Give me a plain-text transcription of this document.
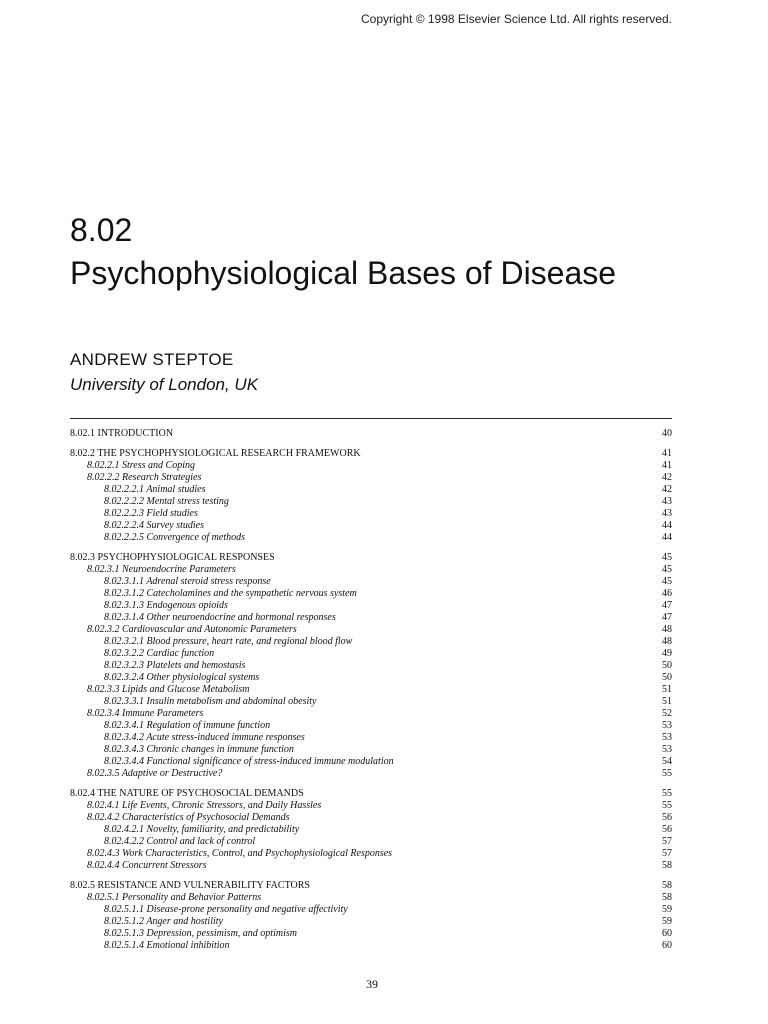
Copyright © 1998 Elsevier Science Ltd. All rights reserved.
8.02
Psychophysiological Bases of Disease
ANDREW STEPTOE
University of London, UK
8.02.1 INTRODUCTION	40
8.02.2 THE PSYCHOPHYSIOLOGICAL RESEARCH FRAMEWORK	41
8.02.2.1 Stress and Coping	41
8.02.2.2 Research Strategies	42
8.02.2.2.1 Animal studies	42
8.02.2.2.2 Mental stress testing	43
8.02.2.2.3 Field studies	43
8.02.2.2.4 Survey studies	44
8.02.2.2.5 Convergence of methods	44
8.02.3 PSYCHOPHYSIOLOGICAL RESPONSES	45
8.02.3.1 Neuroendocrine Parameters	45
8.02.3.1.1 Adrenal steroid stress response	45
8.02.3.1.2 Catecholamines and the sympathetic nervous system	46
8.02.3.1.3 Endogenous opioids	47
8.02.3.1.4 Other neuroendocrine and hormonal responses	47
8.02.3.2 Cardiovascular and Autonomic Parameters	48
8.02.3.2.1 Blood pressure, heart rate, and regional blood flow	48
8.02.3.2.2 Cardiac function	49
8.02.3.2.3 Platelets and hemostasis	50
8.02.3.2.4 Other physiological systems	50
8.02.3.3 Lipids and Glucose Metabolism	51
8.02.3.3.1 Insulin metabolism and abdominal obesity	51
8.02.3.4 Immune Parameters	52
8.02.3.4.1 Regulation of immune function	53
8.02.3.4.2 Acute stress-induced immune responses	53
8.02.3.4.3 Chronic changes in immune function	53
8.02.3.4.4 Functional significance of stress-induced immune modulation	54
8.02.3.5 Adaptive or Destructive?	55
8.02.4 THE NATURE OF PSYCHOSOCIAL DEMANDS	55
8.02.4.1 Life Events, Chronic Stressors, and Daily Hassles	55
8.02.4.2 Characteristics of Psychosocial Demands	56
8.02.4.2.1 Novelty, familiarity, and predictability	56
8.02.4.2.2 Control and lack of control	57
8.02.4.3 Work Characteristics, Control, and Psychophysiological Responses	57
8.02.4.4 Concurrent Stressors	58
8.02.5 RESISTANCE AND VULNERABILITY FACTORS	58
8.02.5.1 Personality and Behavior Patterns	58
8.02.5.1.1 Disease-prone personality and negative affectivity	59
8.02.5.1.2 Anger and hostility	59
8.02.5.1.3 Depression, pessimism, and optimism	60
8.02.5.1.4 Emotional inhibition	60
39
